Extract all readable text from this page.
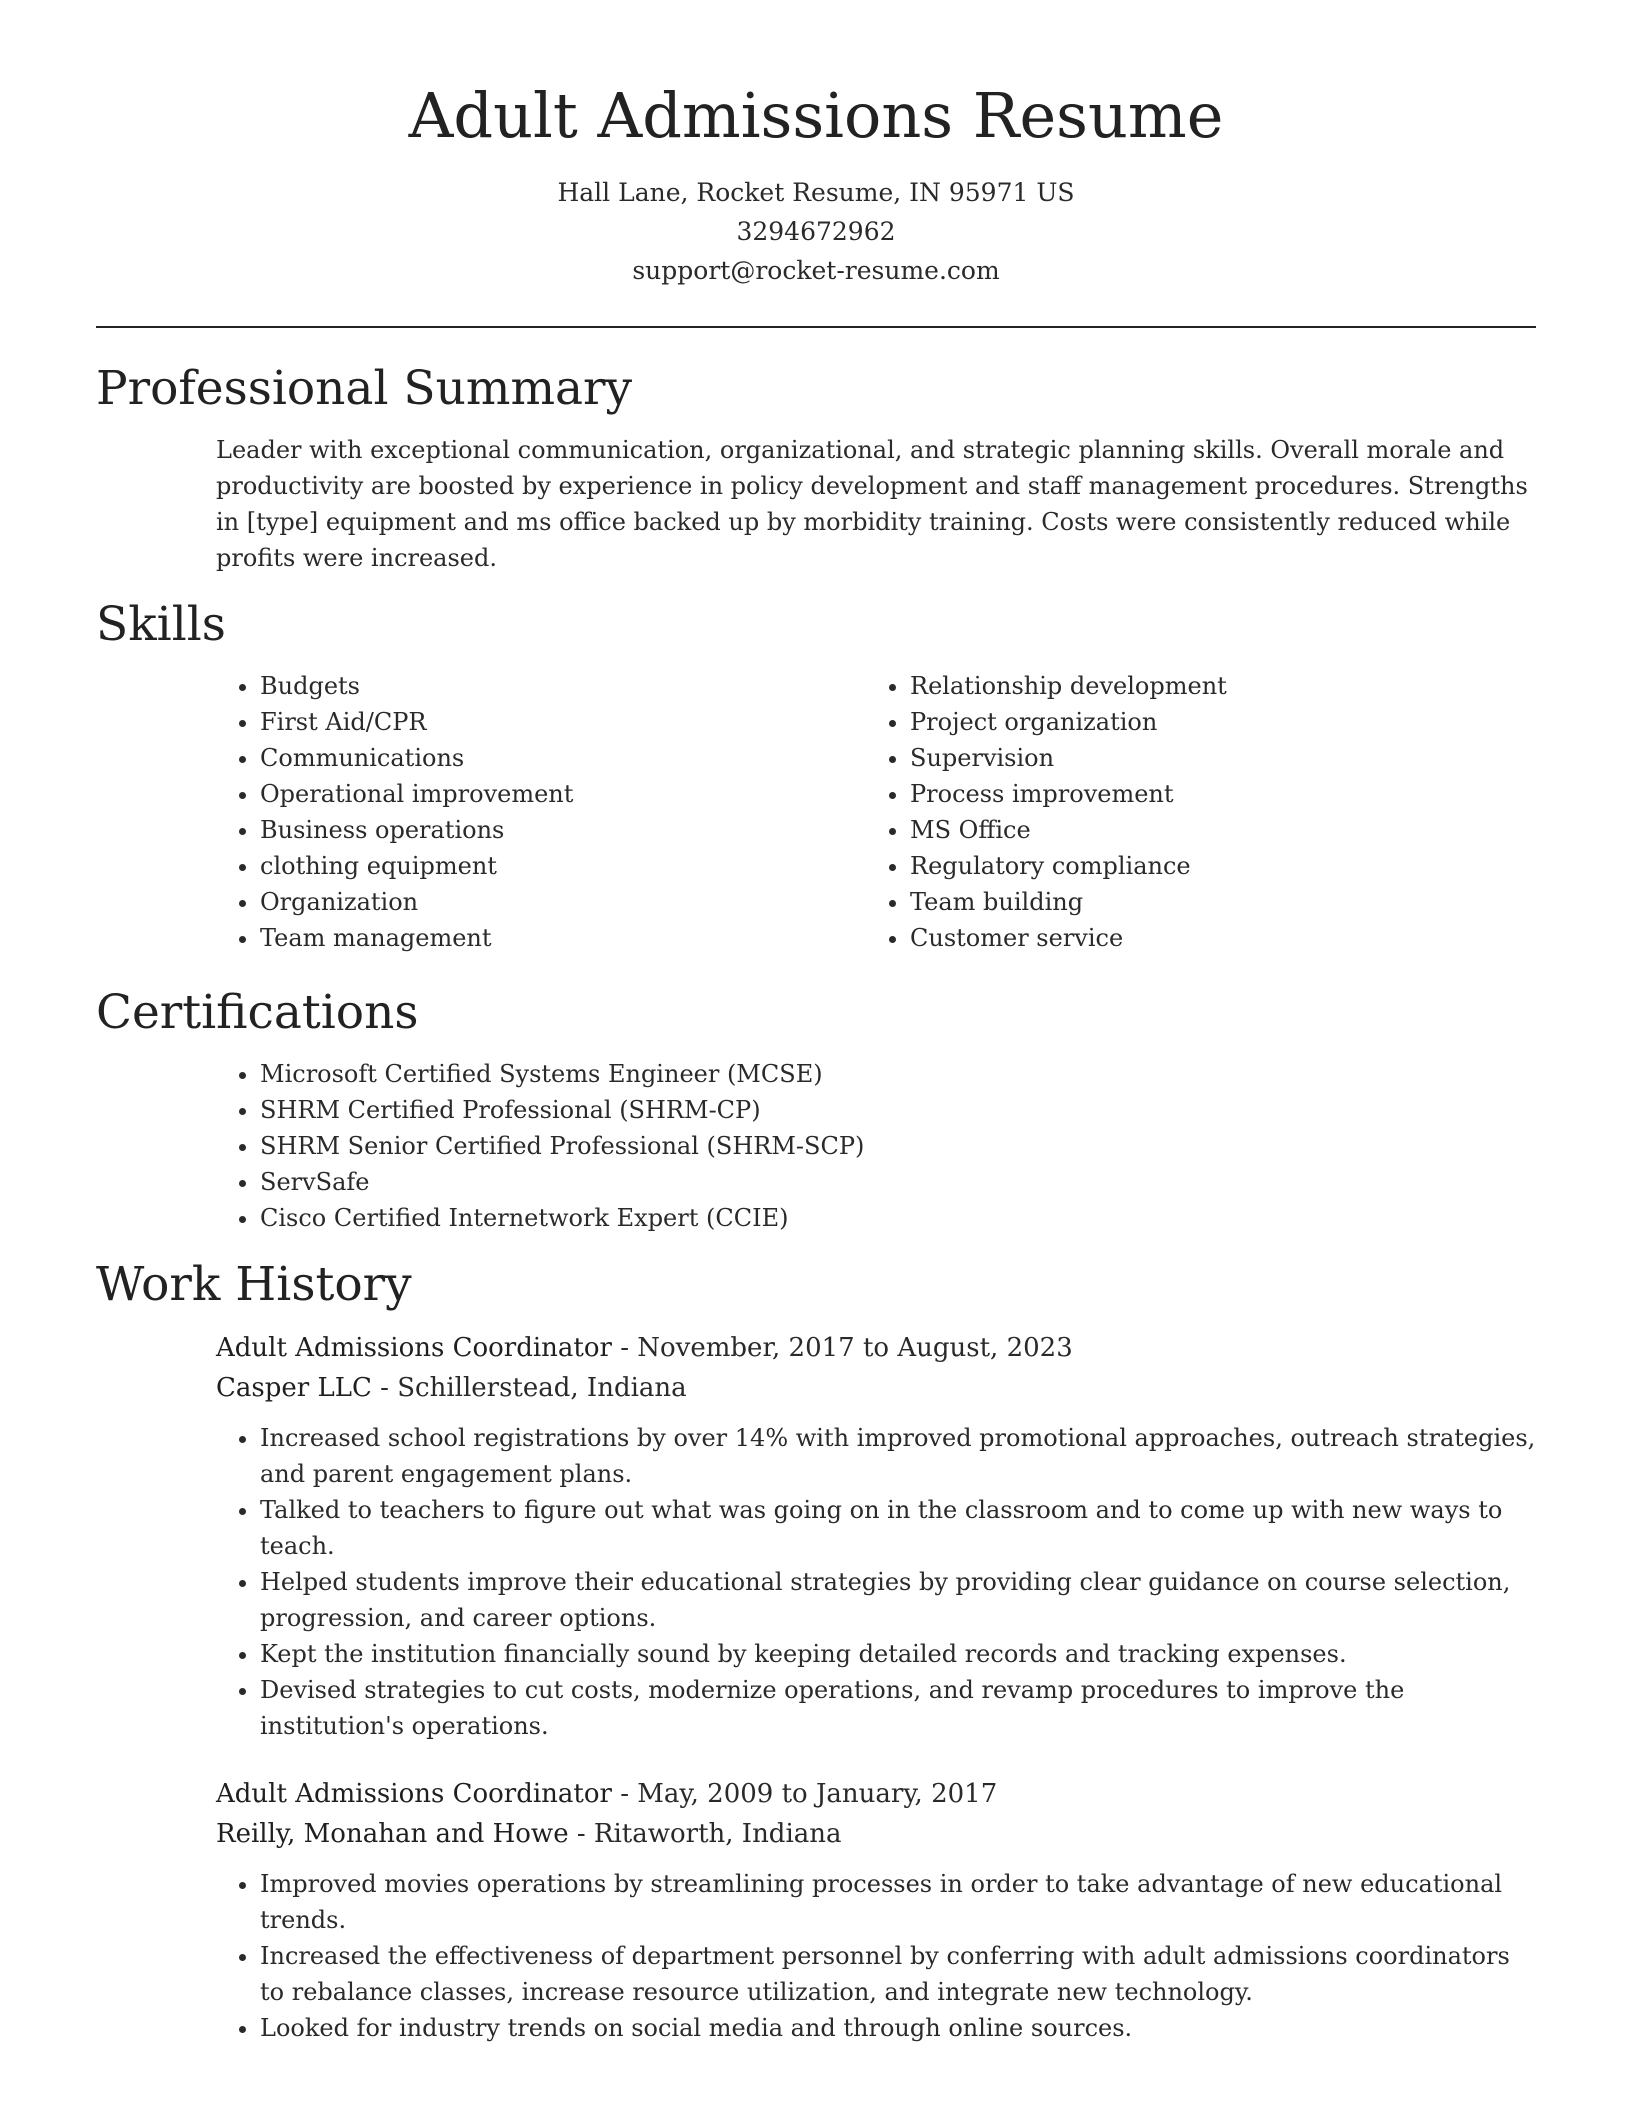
Adult Admissions Resume
Hall Lane, Rocket Resume, IN 95971 US
3294672962
support@rocket-resume.com
Professional Summary

Leader with exceptional communication, organizational, and strategic planning skills. Overall morale and productivity are boosted by experience in policy development and staff management procedures. Strengths in [type] equipment and ms office backed up by morbidity training. Costs were consistently reduced while profits were increased.

Skills
• Budgets
• First Aid/CPR
• Communications
• Operational improvement
• Business operations
• clothing equipment
• Organization
• Team management
• Relationship development
• Project organization
• Supervision
• Process improvement
• MS Office
• Regulatory compliance
• Team building
• Customer service
Certifications
• Microsoft Certified Systems Engineer (MCSE)
• SHRM Certified Professional (SHRM-CP)
• SHRM Senior Certified Professional (SHRM-SCP)
• ServSafe
• Cisco Certified Internetwork Expert (CCIE)
Work History
Adult Admissions Coordinator - November, 2017 to August, 2023
Casper LLC - Schillerstead, Indiana
• Increased school registrations by over 14% with improved promotional approaches, outreach strategies, and parent engagement plans.
• Talked to teachers to figure out what was going on in the classroom and to come up with new ways to teach.
• Helped students improve their educational strategies by providing clear guidance on course selection, progression, and career options.
• Kept the institution financially sound by keeping detailed records and tracking expenses.
• Devised strategies to cut costs, modernize operations, and revamp procedures to improve the institution's operations.
Adult Admissions Coordinator - May, 2009 to January, 2017
Reilly, Monahan and Howe - Ritaworth, Indiana
• Improved movies operations by streamlining processes in order to take advantage of new educational trends.
• Increased the effectiveness of department personnel by conferring with adult admissions coordinators to rebalance classes, increase resource utilization, and integrate new technology.
• Looked for industry trends on social media and through online sources.
